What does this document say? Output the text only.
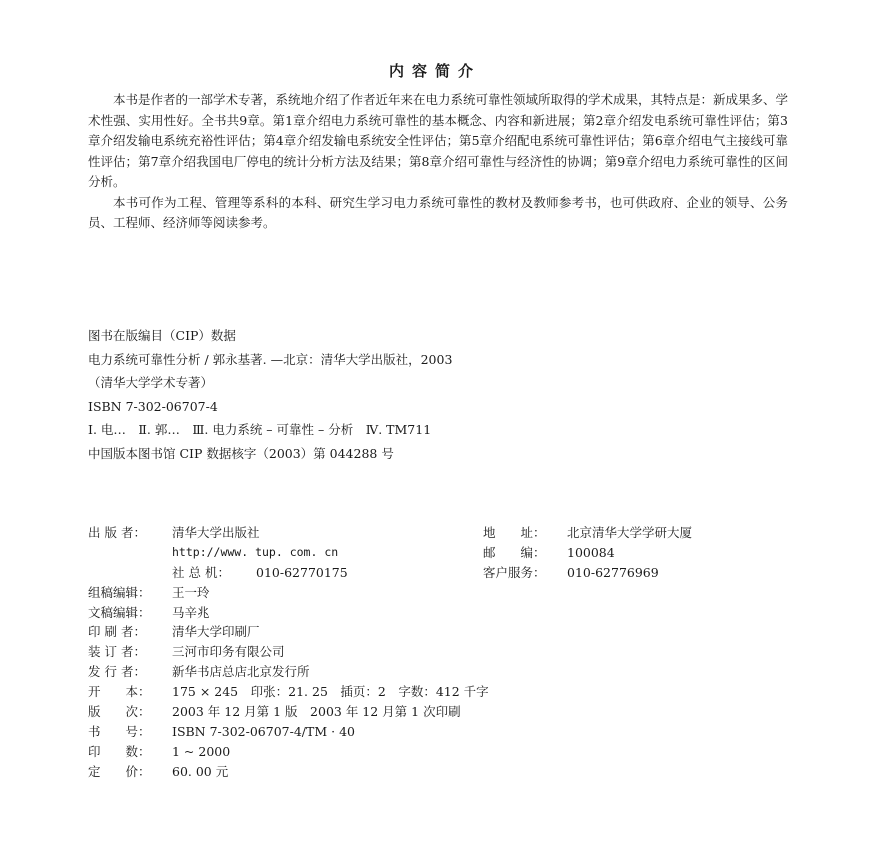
内容简介

本书是作者的一部学术专著，系统地介绍了作者近年来在电力系统可靠性领域所取得的学术成果，其特点是：新成果多、学术性强、实用性好。全书共9章。第1章介绍电力系统可靠性的基本概念、内容和新进展；第2章介绍发电系统可靠性评估；第3章介绍发输电系统充裕性评估；第4章介绍发输电系统安全性评估；第5章介绍配电系统可靠性评估；第6章介绍电气主接线可靠性评估；第7章介绍我国电厂停电的统计分析方法及结果；第8章介绍可靠性与经济性的协调；第9章介绍电力系统可靠性的区间分析。

本书可作为工程、管理等系科的本科、研究生学习电力系统可靠性的教材及教师参考书，也可供政府、企业的领导、公务员、工程师、经济师等阅读参考。

图书在版编目（CIP）数据
电力系统可靠性分析 / 郭永基著. —北京：清华大学出版社，2003
（清华大学学术专著）
ISBN 7-302-06707-4
Ⅰ. 电…　Ⅱ. 郭…　Ⅲ. 电力系统 – 可靠性 – 分析　Ⅳ. TM711
中国版本图书馆 CIP 数据核字（2003）第 044288 号
出 版 者： 清华大学出版社	地　　址： 北京清华大学学研大厦
http://www. tup. com. cn	邮　　编： 100084
社 总 机： 010-62770175	客户服务： 010-62776969
组稿编辑： 王一玲
文稿编辑： 马辛兆
印 刷 者： 清华大学印刷厂
装 订 者： 三河市印务有限公司
发 行 者： 新华书店总店北京发行所
开　　本： 175 × 245　印张：21. 25　插页：2　字数：412 千字
版　　次： 2003 年 12 月第 1 版　2003 年 12 月第 1 次印刷
书　　号： ISBN 7-302-06707-4/TM · 40
印　　数： 1 ~ 2000
定　　价： 60. 00 元
